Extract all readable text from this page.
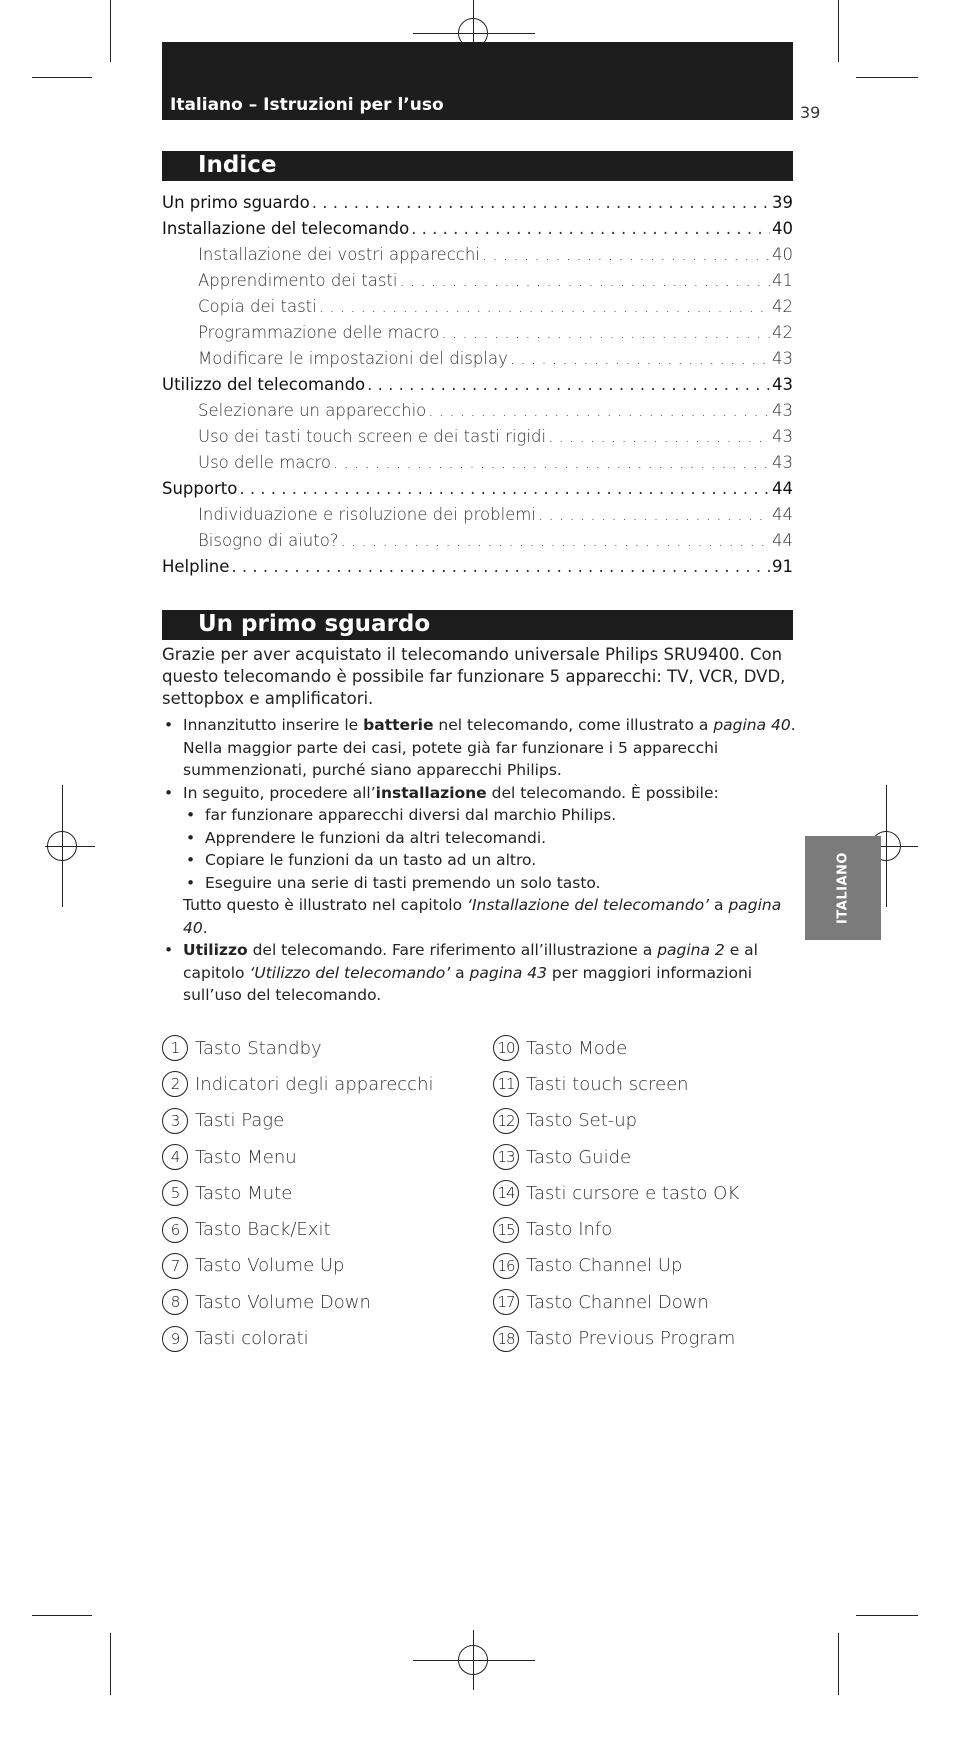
Italiano – Istruzioni per l’uso	39
Indice
Un primo sguardo . . .	39
Installazione del telecomando . . .	40
Installazione dei vostri apparecchi . . .	40
Apprendimento dei tasti . . .	41
Copia dei tasti . . .	42
Programmazione delle macro . . .	42
Modificare le impostazioni del display . . .	43
Utilizzo del telecomando . . .	43
Selezionare un apparecchio . . .	43
Uso dei tasti touch screen e dei tasti rigidi . . .	43
Uso delle macro . . .	43
Supporto . . .	44
Individuazione e risoluzione dei problemi . . .	44
Bisogno di aiuto? . . .	44
Helpline . . .	91
Un primo sguardo
Grazie per aver acquistato il telecomando universale Philips SRU9400. Con questo telecomando è possibile far funzionare 5 apparecchi: TV, VCR, DVD, settopbox e amplificatori.
• Innanzitutto inserire le batterie nel telecomando, come illustrato a pagina 40. Nella maggior parte dei casi, potete già far funzionare i 5 apparecchi summenzionati, purché siano apparecchi Philips.
• In seguito, procedere all’installazione del telecomando. È possibile:
• far funzionare apparecchi diversi dal marchio Philips.
• Apprendere le funzioni da altri telecomandi.
• Copiare le funzioni da un tasto ad un altro.
• Eseguire una serie di tasti premendo un solo tasto.
Tutto questo è illustrato nel capitolo ‘Installazione del telecomando’ a pagina 40.
• Utilizzo del telecomando. Fare riferimento all’illustrazione a pagina 2 e al capitolo ‘Utilizzo del telecomando’ a pagina 43 per maggiori informazioni sull’uso del telecomando.
ITALIANO
1 Tasto Standby
2 Indicatori degli apparecchi
3 Tasti Page
4 Tasto Menu
5 Tasto Mute
6 Tasto Back/Exit
7 Tasto Volume Up
8 Tasto Volume Down
9 Tasti colorati
10 Tasto Mode
11 Tasti touch screen
12 Tasto Set-up
13 Tasto Guide
14 Tasti cursore e tasto OK
15 Tasto Info
16 Tasto Channel Up
17 Tasto Channel Down
18 Tasto Previous Program
